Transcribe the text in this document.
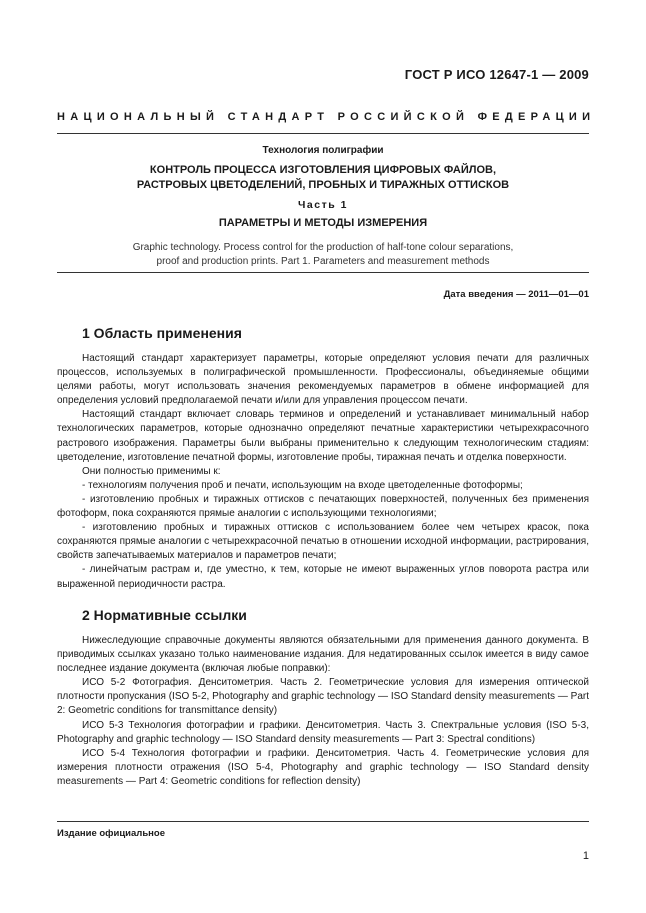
ГОСТ Р ИСО 12647-1 — 2009
НАЦИОНАЛЬНЫЙ СТАНДАРТ РОССИЙСКОЙ ФЕДЕРАЦИИ
Технология полиграфии
КОНТРОЛЬ ПРОЦЕССА ИЗГОТОВЛЕНИЯ ЦИФРОВЫХ ФАЙЛОВ,
РАСТРОВЫХ ЦВЕТОДЕЛЕНИЙ, ПРОБНЫХ И ТИРАЖНЫХ ОТТИСКОВ
Часть 1
ПАРАМЕТРЫ И МЕТОДЫ ИЗМЕРЕНИЯ
Graphic technology. Process control for the production of half-tone colour separations,
proof and production prints. Part 1. Parameters and measurement methods
Дата введения — 2011—01—01
1 Область применения

Настоящий стандарт характеризует параметры, которые определяют условия печати для различных процессов, используемых в полиграфической промышленности. Профессионалы, объединяемые общими целями работы, могут использовать значения рекомендуемых параметров в обмене информацией для определения условий предполагаемой печати и/или для управления процессом печати.

Настоящий стандарт включает словарь терминов и определений и устанавливает минимальный набор технологических параметров, которые однозначно определяют печатные характеристики четырехкрасочного растрового изображения. Параметры были выбраны применительно к следующим технологическим стадиям: цветоделение, изготовление печатной формы, изготовление пробы, тиражная печать и отделка поверхности.

Они полностью применимы к:

- технологиям получения проб и печати, использующим на входе цветоделенные фотоформы;

- изготовлению пробных и тиражных оттисков с печатающих поверхностей, полученных без применения фотоформ, пока сохраняются прямые аналогии с использующими технологиями;

- изготовлению пробных и тиражных оттисков с использованием более чем четырех красок, пока сохраняются прямые аналогии с четырехкрасочной печатью в отношении исходной информации, растрирования, свойств запечатываемых материалов и параметров печати;

- линейчатым растрам и, где уместно, к тем, которые не имеют выраженных углов поворота растра или выраженной периодичности растра.

2 Нормативные ссылки

Нижеследующие справочные документы являются обязательными для применения данного документа. В приводимых ссылках указано только наименование издания. Для недатированных ссылок имеется в виду самое последнее издание документа (включая любые поправки):

ИСО 5-2 Фотография. Денситометрия. Часть 2. Геометрические условия для измерения оптической плотности пропускания (ISO 5-2, Photography and graphic technology — ISO Standard density measurements — Part 2: Geometric conditions for transmittance density)

ИСО 5-3 Технология фотографии и графики. Денситометрия. Часть 3. Спектральные условия (ISO 5-3, Photography and graphic technology — ISO Standard density measurements — Part 3: Spectral conditions)

ИСО 5-4 Технология фотографии и графики. Денситометрия. Часть 4. Геометрические условия для измерения плотности отражения (ISO 5-4, Photography and graphic technology — ISO Standard density measurements — Part 4: Geometric conditions for reflection density)

Издание официальное
1
